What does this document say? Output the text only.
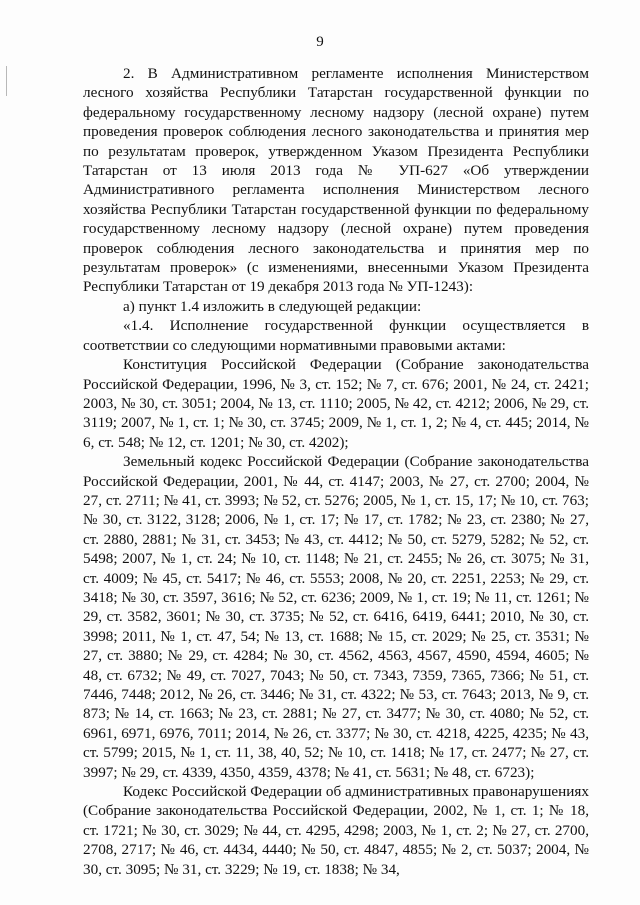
9

2. В Административном регламенте исполнения Министерством лесного хозяйства Республики Татарстан государственной функции по федеральному государственному лесному надзору (лесной охране) путем проведения проверок соблюдения лесного законодательства и принятия мер по результатам проверок, утвержденном Указом Президента Республики Татарстан от 13 июля 2013 года № УП-627 «Об утверждении Административного регламента исполнения Министерством лесного хозяйства Республики Татарстан государственной функции по федеральному государственному лесному надзору (лесной охране) путем проведения проверок соблюдения лесного законодательства и принятия мер по результатам проверок» (с изменениями, внесенными Указом Президента Республики Татарстан от 19 декабря 2013 года № УП-1243):

а) пункт 1.4 изложить в следующей редакции:

«1.4. Исполнение государственной функции осуществляется в соответствии со следующими нормативными правовыми актами:

Конституция Российской Федерации (Собрание законодательства Российской Федерации, 1996, № 3, ст. 152; № 7, ст. 676; 2001, № 24, ст. 2421; 2003, № 30, ст. 3051; 2004, № 13, ст. 1110; 2005, № 42, ст. 4212; 2006, № 29, ст. 3119; 2007, № 1, ст. 1; № 30, ст. 3745; 2009, № 1, ст. 1, 2; № 4, ст. 445; 2014, № 6, ст. 548; № 12, ст. 1201; № 30, ст. 4202);

Земельный кодекс Российской Федерации (Собрание законодательства Российской Федерации, 2001, № 44, ст. 4147; 2003, № 27, ст. 2700; 2004, № 27, ст. 2711; № 41, ст. 3993; № 52, ст. 5276; 2005, № 1, ст. 15, 17; № 10, ст. 763; № 30, ст. 3122, 3128; 2006, № 1, ст. 17; № 17, ст. 1782; № 23, ст. 2380; № 27, ст. 2880, 2881; № 31, ст. 3453; № 43, ст. 4412; № 50, ст. 5279, 5282; № 52, ст. 5498; 2007, № 1, ст. 24; № 10, ст. 1148; № 21, ст. 2455; № 26, ст. 3075; № 31, ст. 4009; № 45, ст. 5417; № 46, ст. 5553; 2008, № 20, ст. 2251, 2253; № 29, ст. 3418; № 30, ст. 3597, 3616; № 52, ст. 6236; 2009, № 1, ст. 19; № 11, ст. 1261; № 29, ст. 3582, 3601; № 30, ст. 3735; № 52, ст. 6416, 6419, 6441; 2010, № 30, ст. 3998; 2011, № 1, ст. 47, 54; № 13, ст. 1688; № 15, ст. 2029; № 25, ст. 3531; № 27, ст. 3880; № 29, ст. 4284; № 30, ст. 4562, 4563, 4567, 4590, 4594, 4605; № 48, ст. 6732; № 49, ст. 7027, 7043; № 50, ст. 7343, 7359, 7365, 7366; № 51, ст. 7446, 7448; 2012, № 26, ст. 3446; № 31, ст. 4322; № 53, ст. 7643; 2013, № 9, ст. 873; № 14, ст. 1663; № 23, ст. 2881; № 27, ст. 3477; № 30, ст. 4080; № 52, ст. 6961, 6971, 6976, 7011; 2014, № 26, ст. 3377; № 30, ст. 4218, 4225, 4235; № 43, ст. 5799; 2015, № 1, ст. 11, 38, 40, 52; № 10, ст. 1418; № 17, ст. 2477; № 27, ст. 3997; № 29, ст. 4339, 4350, 4359, 4378; № 41, ст. 5631; № 48, ст. 6723);

Кодекс Российской Федерации об административных правонарушениях (Собрание законодательства Российской Федерации, 2002, № 1, ст. 1; № 18, ст. 1721; № 30, ст. 3029; № 44, ст. 4295, 4298; 2003, № 1, ст. 2; № 27, ст. 2700, 2708, 2717; № 46, ст. 4434, 4440; № 50, ст. 4847, 4855; № 2, ст. 5037; 2004, № 30, ст. 3095; № 31, ст. 3229; № 19, ст. 1838; № 34,
